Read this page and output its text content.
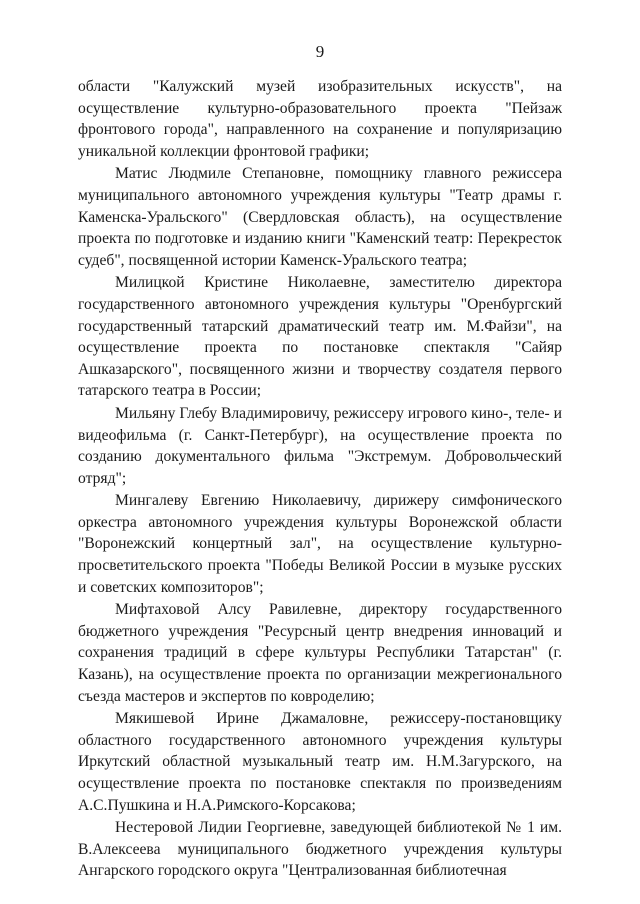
9

области "Калужский музей изобразительных искусств", на осуществление культурно-образовательного проекта "Пейзаж фронтового города", направленного на сохранение и популяризацию уникальной коллекции фронтовой графики;

Матис Людмиле Степановне, помощнику главного режиссера муниципального автономного учреждения культуры "Театр драмы г. Каменска-Уральского" (Свердловская область), на осуществление проекта по подготовке и изданию книги "Каменский театр: Перекресток судеб", посвященной истории Каменск-Уральского театра;

Милицкой Кристине Николаевне, заместителю директора государственного автономного учреждения культуры "Оренбургский государственный татарский драматический театр им. М.Файзи", на осуществление проекта по постановке спектакля "Сайяр Ашказарского", посвященного жизни и творчеству создателя первого татарского театра в России;

Мильяну Глебу Владимировичу, режиссеру игрового кино-, теле- и видеофильма (г. Санкт-Петербург), на осуществление проекта по созданию документального фильма "Экстремум. Добровольческий отряд";

Мингалеву Евгению Николаевичу, дирижеру симфонического оркестра автономного учреждения культуры Воронежской области "Воронежский концертный зал", на осуществление культурно-просветительского проекта "Победы Великой России в музыке русских и советских композиторов";

Мифтаховой Алсу Равилевне, директору государственного бюджетного учреждения "Ресурсный центр внедрения инноваций и сохранения традиций в сфере культуры Республики Татарстан" (г. Казань), на осуществление проекта по организации межрегионального съезда мастеров и экспертов по ковроделию;

Мякишевой Ирине Джамаловне, режиссеру-постановщику областного государственного автономного учреждения культуры Иркутский областной музыкальный театр им. Н.М.Загурского, на осуществление проекта по постановке спектакля по произведениям А.С.Пушкина и Н.А.Римского-Корсакова;

Нестеровой Лидии Георгиевне, заведующей библиотекой № 1 им. В.Алексеева муниципального бюджетного учреждения культуры Ангарского городского округа "Централизованная библиотечная
